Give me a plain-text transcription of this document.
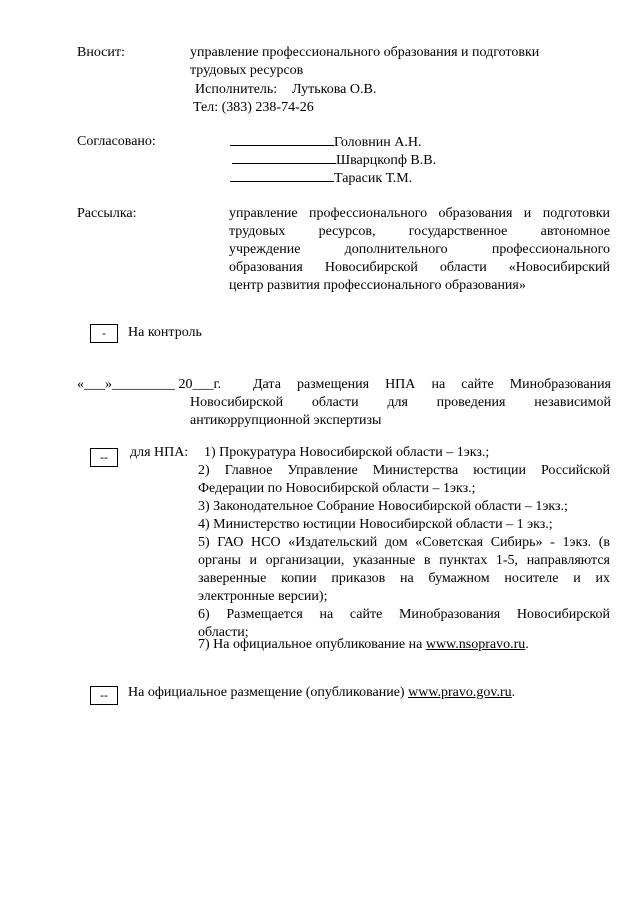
Вносит:	управление профессионального образования и подготовки
трудовых ресурсов
Исполнитель: Лутькова О.В.
Тел: (383) 238-74-26
Согласовано:	Головнин А.Н.
Шварцкопф В.В.
Тарасик Т.М.
Рассылка:	управление профессионального образования и подготовки
трудовых ресурсов, государственное автономное
учреждение дополнительного профессионального
образования Новосибирской области «Новосибирский
центр развития профессионального образования»
-	На контроль
«___»_________ 20___г. Дата размещения НПА на сайте Минобразования
Новосибирской области для проведения независимой
антикоррупционной экспертизы
--	для НПА: 1) Прокуратура Новосибирской области – 1экз.;
2) Главное Управление Министерства юстиции Российской
Федерации по Новосибирской области – 1экз.;
3) Законодательное Собрание Новосибирской области – 1экз.;
4) Министерство юстиции Новосибирской области – 1 экз.;
5) ГАО НСО «Издательский дом «Советская Сибирь» - 1экз. (в
органы и организации, указанные в пунктах 1-5, направляются
заверенные копии приказов на бумажном носителе и их
электронные версии);
6) Размещается на сайте Минобразования Новосибирской
области;
7) На официальное опубликование на www.nsopravo.ru.
--	На официальное размещение (опубликование) www.pravo.gov.ru.
